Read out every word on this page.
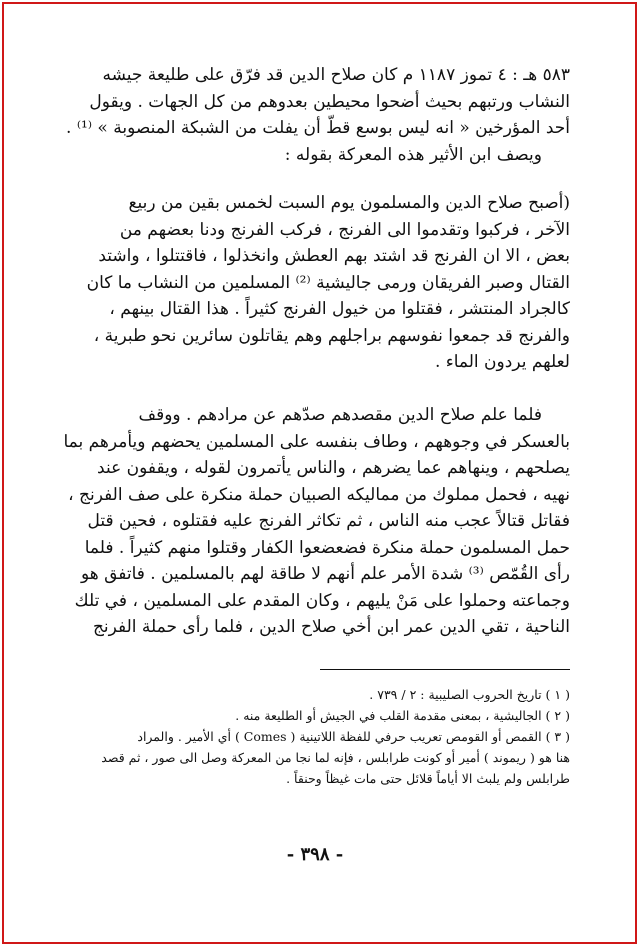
٥٨٣ هـ : ٤ تموز ١١٨٧ م كان صلاح الدين قد فرّق على طليعة جيشه

النشاب ورتبهم بحيث أضحوا محيطين بعدوهم من كل الجهات . ويقول

أحد المؤرخين « انه ليس بوسع قطّ أن يفلت من الشبكة المنصوبة » ⁽¹⁾ .

ويصف ابن الأثير هذه المعركة بقوله :

(أصبح صلاح الدين والمسلمون يوم السبت لخمس بقين من ربيع

الآخر ، فركبوا وتقدموا الى الفرنج ، فركب الفرنج ودنا بعضهم من

بعض ، الا ان الفرنج قد اشتد بهم العطش وانخذلوا ، فاقتتلوا ، واشتد

القتال وصبر الفريقان ورمى جاليشية ⁽²⁾ المسلمين من النشاب ما كان

كالجراد المنتشر ، فقتلوا من خيول الفرنج كثيراً . هذا القتال بينهم ،

والفرنج قد جمعوا نفوسهم براجلهم وهم يقاتلون سائرين نحو طبرية ،

لعلهم يردون الماء .

فلما علم صلاح الدين مقصدهم صدّهم عن مرادهم . ووقف

بالعسكر في وجوههم ، وطاف بنفسه على المسلمين يحضهم ويأمرهم بما

يصلحهم ، وينهاهم عما يضرهم ، والناس يأتمرون لقوله ، ويقفون عند

نهيه ، فحمل مملوك من مماليكه الصبيان حملة منكرة على صف الفرنج ،

فقاتل قتالاً عجب منه الناس ، ثم تكاثر الفرنج عليه فقتلوه ، فحين قتل

حمل المسلمون حملة منكرة فضعضعوا الكفار وقتلوا منهم كثيراً . فلما

رأى القُمّص ⁽³⁾ شدة الأمر علم أنهم لا طاقة لهم بالمسلمين . فاتفق هو

وجماعته وحملوا على مَنْ يليهم ، وكان المقدم على المسلمين ، في تلك

الناحية ، تقي الدين عمر ابن أخي صلاح الدين ، فلما رأى حملة الفرنج

( ١ ) تاريخ الحروب الصليبية : ٢ / ٧٣٩ .

( ٢ ) الجاليشية ، بمعنى مقدمة القلب في الجيش أو الطليعة منه .

( ٣ ) القمص أو القومص تعريب حرفي للفظة اللاتينية ( Comes ) أي الأمير . والمراد

هنا هو ( ريموند ) أمير أو كونت طرابلس ، فإنه لما نجا من المعركة وصل الى صور ، ثم قصد

طرابلس ولم يلبث الا أياماً قلائل حتى مات غيظاً وحنقاً .

- ٣٩٨ -
